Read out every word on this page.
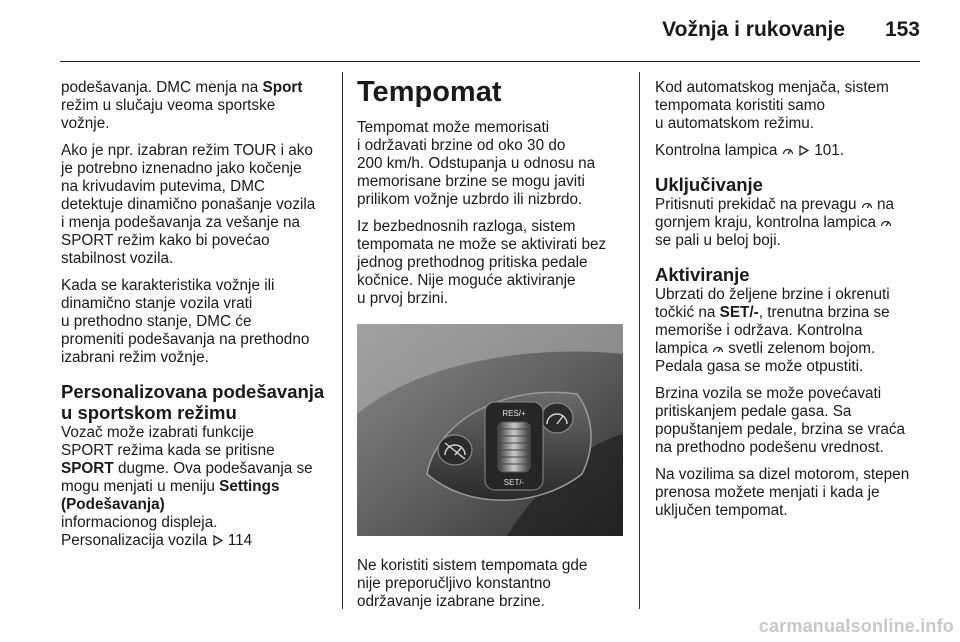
Vožnja i rukovanje 153

podešavanja. DMC menja na Sport
režim u slučaju veoma sportske
vožnje.

Ako je npr. izabran režim TOUR i ako
je potrebno iznenadno jako kočenje
na krivudavim putevima, DMC
detektuje dinamično ponašanje vozila
i menja podešavanja za vešanje na
SPORT režim kako bi povećao
stabilnost vozila.

Kada se karakteristika vožnje ili
dinamično stanje vozila vrati
u prethodno stanje, DMC će
promeniti podešavanja na prethodno
izabrani režim vožnje.

Personalizovana podešavanja
u sportskom režimu

Vozač može izabrati funkcije
SPORT režima kada se pritisne
SPORT dugme. Ova podešavanja se
mogu menjati u meniju Settings
(Podešavanja)
informacionog displeja.
Personalizacija vozila 114

Tempomat

Tempomat može memorisati
i održavati brzine od oko 30 do
200 km/h. Odstupanja u odnosu na
memorisane brzine se mogu javiti
prilikom vožnje uzbrdo ili nizbrdo.

Iz bezbednosnih razloga, sistem
tempomata ne može se aktivirati bez
jednog prethodnog pritiska pedale
kočnice. Nije moguće aktiviranje
u prvoj brzini.

RES/+
SET/-

Ne koristiti sistem tempomata gde
nije preporučljivo konstantno
održavanje izabrane brzine.

Kod automatskog menjača, sistem
tempomata koristiti samo
u automatskom režimu.

Kontrolna lampica   101.

Uključivanje

Pritisnuti prekidač na prevagu  na
gornjem kraju, kontrolna lampica
se pali u beloj boji.

Aktiviranje

Ubrzati do željene brzine i okrenuti
točkić na SET/-, trenutna brzina se
memoriše i održava. Kontrolna
lampica  svetli zelenom bojom.
Pedala gasa se može otpustiti.

Brzina vozila se može povećavati
pritiskanjem pedale gasa. Sa
popuštanjem pedale, brzina se vraća
na prethodno podešenu vrednost.

Na vozilima sa dizel motorom, stepen
prenosa možete menjati i kada je
uključen tempomat.

carmanualsonline.info
